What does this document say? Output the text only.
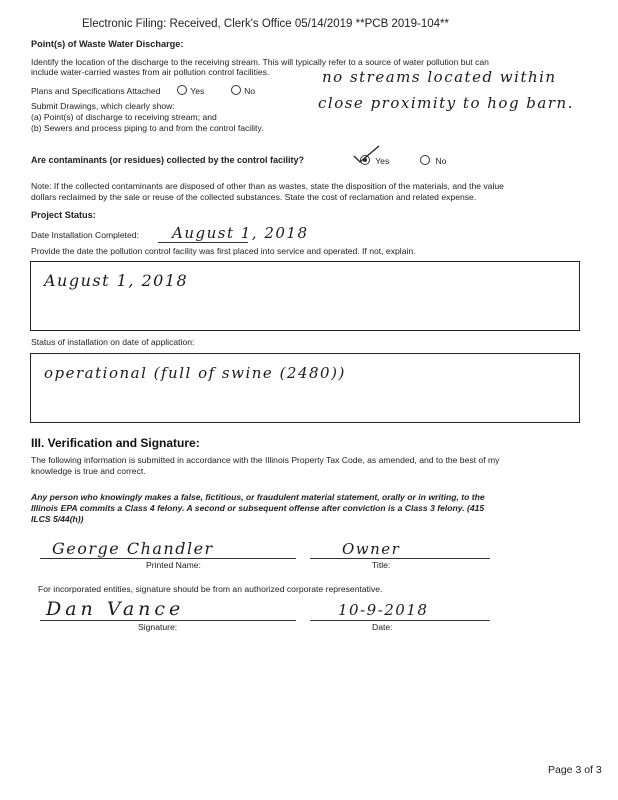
Electronic Filing: Received, Clerk's Office 05/14/2019 **PCB 2019-104**
Point(s) of Waste Water Discharge:
Identify the location of the discharge to the receiving stream. This will typically refer to a source of water pollution but can
include water-carried wastes from air pollution control facilities.
Plans and Specifications Attached	Yes	No
Submit Drawings, which clearly show:
(a) Point(s) of discharge to receiving stream; and
(b) Sewers and process piping to and from the control facility.
no streams located within
close proximity to hog barn.
Are contaminants (or residues) collected by the control facility?	Yes	No
Note: If the collected contaminants are disposed of other than as wastes, state the disposition of the materials, and the value
dollars reclaimed by the sale or reuse of the collected substances. State the cost of reclamation and related expense.
Project Status:
Date Installation Completed: August 1, 2018
Provide the date the pollution control facility was first placed into service and operated. If not, explain.
August 1, 2018
Status of installation on date of application:
operational (full of swine (2480))
III. Verification and Signature:
The following information is submitted in accordance with the Illinois Property Tax Code, as amended, and to the best of my
knowledge is true and correct.
Any person who knowingly makes a false, fictitious, or fraudulent material statement, orally or in writing, to the
Illinois EPA commits a Class 4 felony. A second or subsequent offense after conviction is a Class 3 felony. (415
ILCS 5/44(h))
George Chandler
Printed Name:
Owner
Title:
For incorporated entities, signature should be from an authorized corporate representative.
Dan Vance
Signature:
10-9-2018
Date:
Page 3 of 3
